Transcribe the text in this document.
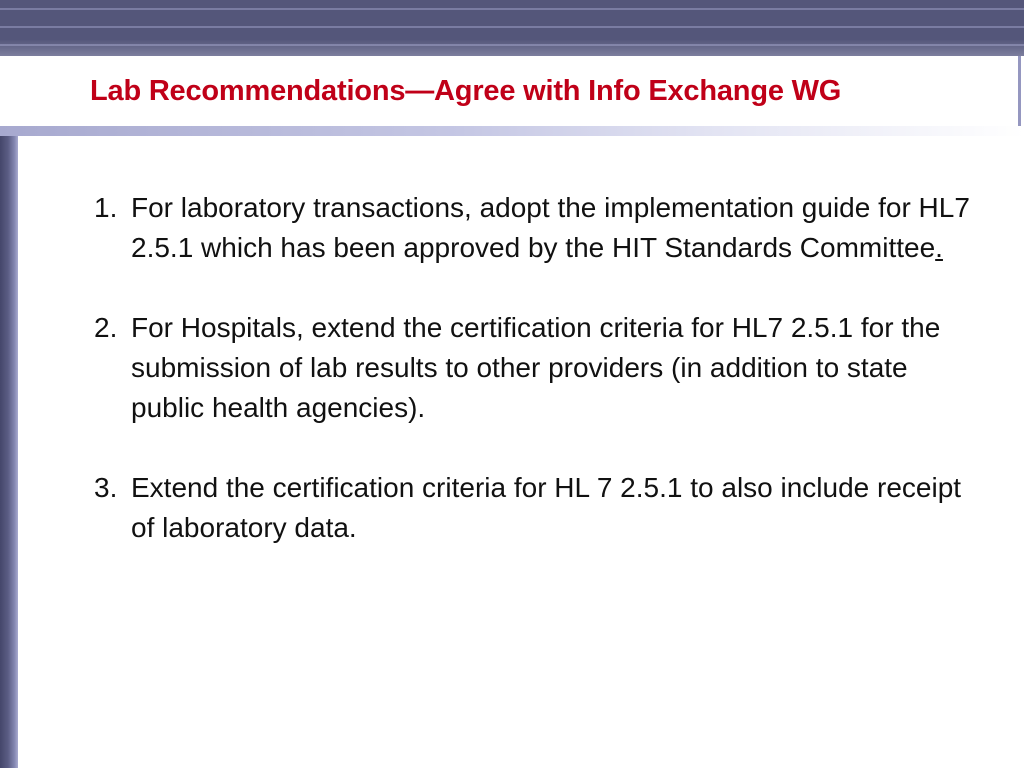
Lab Recommendations—Agree with Info Exchange WG
1. For laboratory transactions, adopt the implementation guide for HL7 2.5.1 which has been approved by the HIT Standards Committee.
2. For Hospitals, extend the certification criteria for HL7 2.5.1 for the submission of lab results to other providers (in addition to state public health agencies).
3. Extend the certification criteria for HL 7 2.5.1 to also include receipt of laboratory data.
